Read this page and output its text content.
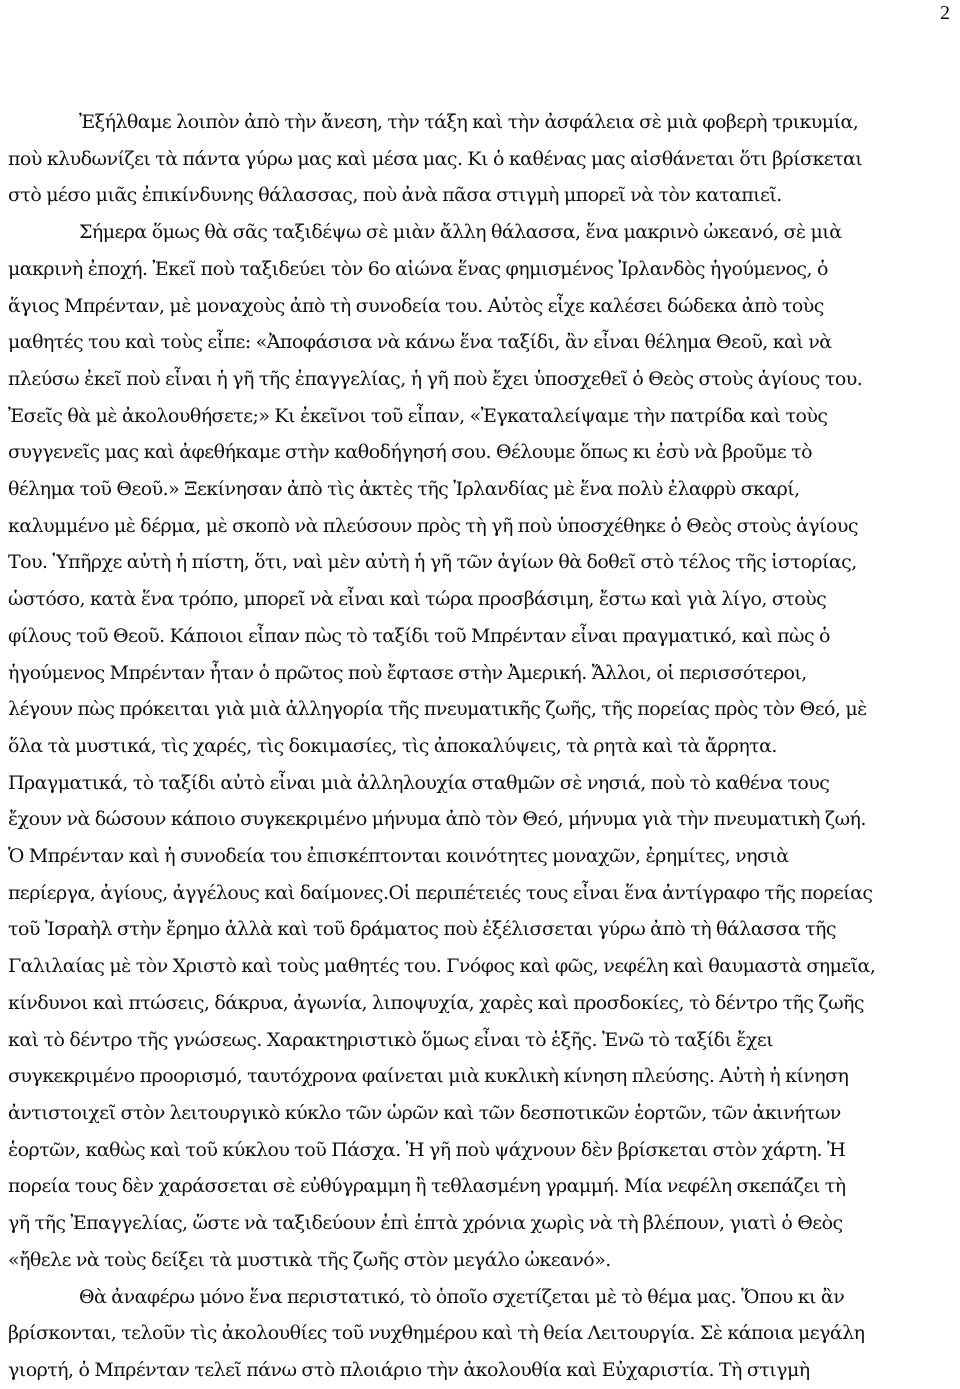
2
Ἐξήλθαμε λοιπὸν ἀπὸ τὴν ἄνεση, τὴν τάξη καὶ τὴν ἀσφάλεια σὲ μιὰ φοβερὴ τρικυμία,
ποὺ κλυδωνίζει τὰ πάντα γύρω μας καὶ μέσα μας. Κι ὁ καθένας μας αἰσθάνεται ὅτι βρίσκεται
στὸ μέσο μιᾶς ἐπικίνδυνης θάλασσας, ποὺ ἀνὰ πᾶσα στιγμὴ μπορεῖ νὰ τὸν καταπιεῖ.
Σήμερα ὅμως θὰ σᾶς ταξιδέψω σὲ μιὰν ἄλλη θάλασσα, ἕνα μακρινὸ ὠκεανό, σὲ μιὰ
μακρινὴ ἐποχή. Ἐκεῖ ποὺ ταξιδεύει τὸν 6ο αἰώνα ἕνας φημισμένος Ἰρλανδὸς ἡγούμενος, ὁ
ἅγιος Μπρένταν, μὲ μοναχοὺς ἀπὸ τὴ συνοδεία του. Αὐτὸς εἶχε καλέσει δώδεκα ἀπὸ τοὺς
μαθητές του καὶ τοὺς εἶπε: «Ἀποφάσισα νὰ κάνω ἕνα ταξίδι, ἂν εἶναι θέλημα Θεοῦ, καὶ νὰ
πλεύσω ἐκεῖ ποὺ εἶναι ἡ γῆ τῆς ἐπαγγελίας, ἡ γῆ ποὺ ἔχει ὑποσχεθεῖ ὁ Θεὸς στοὺς ἁγίους του.
Ἐσεῖς θὰ μὲ ἀκολουθήσετε;» Κι ἐκεῖνοι τοῦ εἶπαν, «Ἐγκαταλείψαμε τὴν πατρίδα καὶ τοὺς
συγγενεῖς μας καὶ ἀφεθήκαμε στὴν καθοδήγησή σου. Θέλουμε ὅπως κι ἐσὺ νὰ βροῦμε τὸ
θέλημα τοῦ Θεοῦ.» Ξεκίνησαν ἀπὸ τὶς ἀκτὲς τῆς Ἰρλανδίας μὲ ἕνα πολὺ ἐλαφρὺ σκαρί,
καλυμμένο μὲ δέρμα, μὲ σκοπὸ νὰ πλεύσουν πρὸς τὴ γῆ ποὺ ὑποσχέθηκε ὁ Θεὸς στοὺς ἁγίους
Του. Ὑπῆρχε αὐτὴ ἡ πίστη, ὅτι, ναὶ μὲν αὐτὴ ἡ γῆ τῶν ἁγίων θὰ δοθεῖ στὸ τέλος τῆς ἱστορίας,
ὡστόσο, κατὰ ἕνα τρόπο, μπορεῖ νὰ εἶναι καὶ τώρα προσβάσιμη, ἔστω καὶ γιὰ λίγο, στοὺς
φίλους τοῦ Θεοῦ. Κάποιοι εἶπαν πὼς τὸ ταξίδι τοῦ Μπρένταν εἶναι πραγματικό, καὶ πὼς ὁ
ἡγούμενος Μπρένταν ἦταν ὁ πρῶτος ποὺ ἔφτασε στὴν Ἀμερική. Ἄλλοι, οἱ περισσότεροι,
λέγουν πὼς πρόκειται γιὰ μιὰ ἀλληγορία τῆς πνευματικῆς ζωῆς, τῆς πορείας πρὸς τὸν Θεό, μὲ
ὅλα τὰ μυστικά, τὶς χαρές, τὶς δοκιμασίες, τὶς ἀποκαλύψεις, τὰ ρητὰ καὶ τὰ ἄρρητα.
Πραγματικά, τὸ ταξίδι αὐτὸ εἶναι μιὰ ἀλληλουχία σταθμῶν σὲ νησιά, ποὺ τὸ καθένα τους
ἔχουν νὰ δώσουν κάποιο συγκεκριμένο μήνυμα ἀπὸ τὸν Θεό, μήνυμα γιὰ τὴν πνευματικὴ ζωή.
Ὁ Μπρένταν καὶ ἡ συνοδεία του ἐπισκέπτονται κοινότητες μοναχῶν, ἐρημίτες, νησιὰ
περίεργα, ἁγίους, ἀγγέλους καὶ δαίμονες.Οἱ περιπέτειές τους εἶναι ἕνα ἀντίγραφο τῆς πορείας
τοῦ Ἰσραὴλ στὴν ἔρημο ἀλλὰ καὶ τοῦ δράματος ποὺ ἐξέλισσεται γύρω ἀπὸ τὴ θάλασσα τῆς
Γαλιλαίας μὲ τὸν Χριστὸ καὶ τοὺς μαθητές του. Γνόφος καὶ φῶς, νεφέλη καὶ θαυμαστὰ σημεῖα,
κίνδυνοι καὶ πτώσεις, δάκρυα, ἀγωνία, λιποψυχία, χαρὲς καὶ προσδοκίες, τὸ δέντρο τῆς ζωῆς
καὶ τὸ δέντρο τῆς γνώσεως. Χαρακτηριστικὸ ὅμως εἶναι τὸ ἑξῆς. Ἐνῶ τὸ ταξίδι ἔχει
συγκεκριμένο προορισμό, ταυτόχρονα φαίνεται μιὰ κυκλικὴ κίνηση πλεύσης. Αὐτὴ ἡ κίνηση
ἀντιστοιχεῖ στὸν λειτουργικὸ κύκλο τῶν ὡρῶν καὶ τῶν δεσποτικῶν ἑορτῶν, τῶν ἀκινήτων
ἑορτῶν, καθὼς καὶ τοῦ κύκλου τοῦ Πάσχα. Ἡ γῆ ποὺ ψάχνουν δὲν βρίσκεται στὸν χάρτη. Ἡ
πορεία τους δὲν χαράσσεται σὲ εὐθύγραμμη ἢ τεθλασμένη γραμμή. Μία νεφέλη σκεπάζει τὴ
γῆ τῆς Ἐπαγγελίας, ὥστε νὰ ταξιδεύουν ἐπὶ ἑπτὰ χρόνια χωρὶς νὰ τὴ βλέπουν, γιατὶ ὁ Θεὸς
«ἤθελε νὰ τοὺς δείξει τὰ μυστικὰ τῆς ζωῆς στὸν μεγάλο ὠκεανό».
Θὰ ἀναφέρω μόνο ἕνα περιστατικό, τὸ ὁποῖο σχετίζεται μὲ τὸ θέμα μας. Ὅπου κι ἂν
βρίσκονται, τελοῦν τὶς ἀκολουθίες τοῦ νυχθημέρου καὶ τὴ θεία Λειτουργία. Σὲ κάποια μεγάλη
γιορτή, ὁ Μπρένταν τελεῖ πάνω στὸ πλοιάριο τὴν ἀκολουθία καὶ Εὐχαριστία. Τὴ στιγμὴ
